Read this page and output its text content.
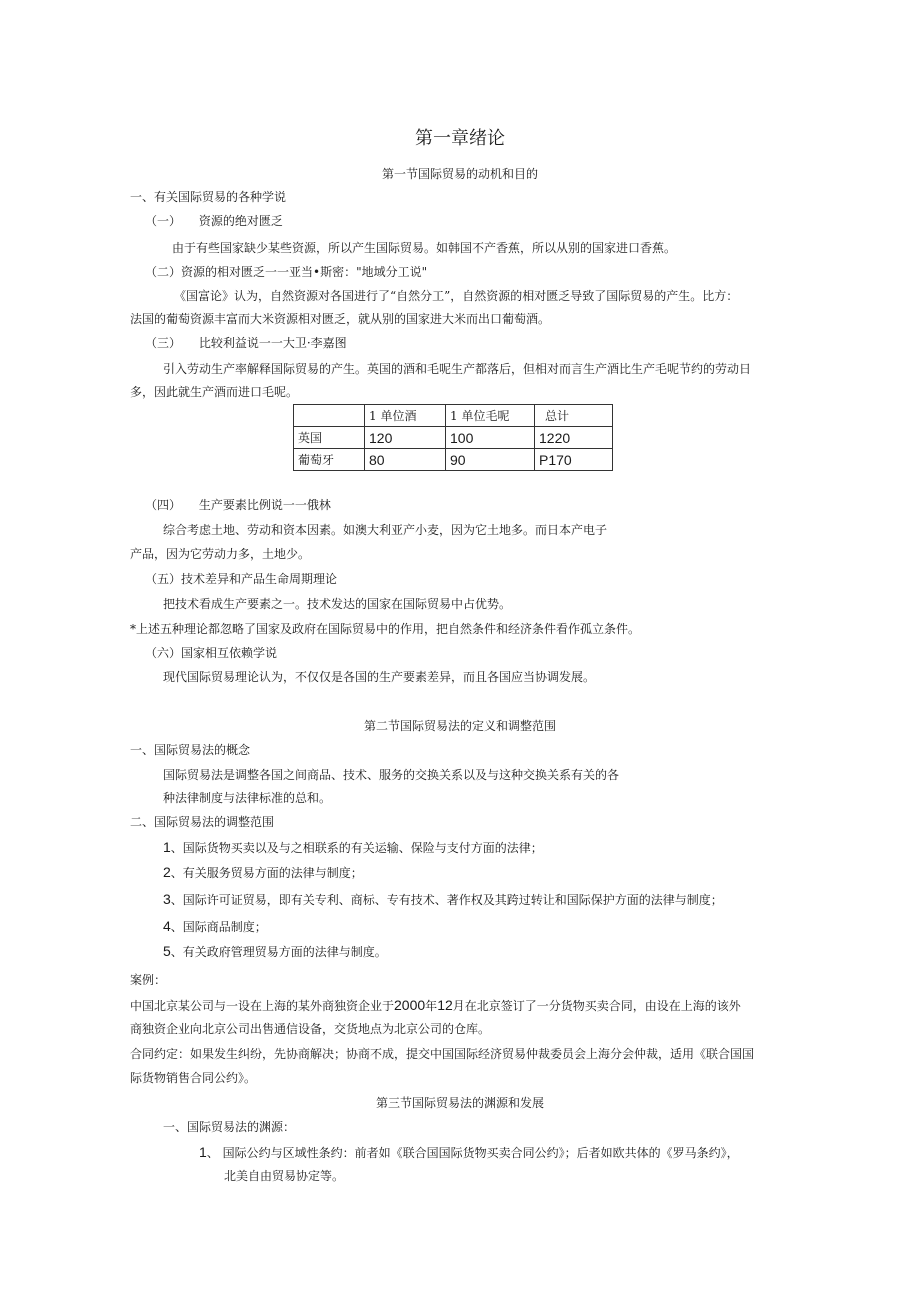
第一章绪论
第一节国际贸易的动机和目的
一、有关国际贸易的各种学说
（一） 资源的绝对匮乏
由于有些国家缺少某些资源，所以产生国际贸易。如韩国不产香蕉，所以从别的国家进口香蕉。
（二）资源的相对匮乏一一亚当•斯密："地域分工说"
《国富论》认为，自然资源对各国进行了“自然分工”，自然资源的相对匮乏导致了国际贸易的产生。比方：
法国的葡萄资源丰富而大米资源相对匮乏，就从别的国家进大米而出口葡萄酒。
（三） 比较利益说一一大卫·李嘉图
引入劳动生产率解释国际贸易的产生。英国的酒和毛呢生产都落后，但相对而言生产酒比生产毛呢节约的劳动日
多，因此就生产酒而进口毛呢。
	1 单位酒	1 单位毛呢	总计
英国	120	100	1220
葡萄牙	80	90	P170
（四） 生产要素比例说一一俄林
综合考虑土地、劳动和资本因素。如澳大利亚产小麦，因为它土地多。而日本产电子
产品，因为它劳动力多，土地少。
（五）技术差异和产品生命周期理论
把技术看成生产要素之一。技术发达的国家在国际贸易中占优势。
*上述五种理论都忽略了国家及政府在国际贸易中的作用，把自然条件和经济条件看作孤立条件。
（六）国家相互依赖学说
现代国际贸易理论认为，不仅仅是各国的生产要素差异，而且各国应当协调发展。
第二节国际贸易法的定义和调整范围
一、国际贸易法的概念
国际贸易法是调整各国之间商品、技术、服务的交换关系以及与这种交换关系有关的各
种法律制度与法律标准的总和。
二、国际贸易法的调整范围
1、国际货物买卖以及与之相联系的有关运输、保险与支付方面的法律；
2、有关服务贸易方面的法律与制度；
3、国际许可证贸易，即有关专利、商标、专有技术、著作权及其跨过转让和国际保护方面的法律与制度；
4、国际商品制度；
5、有关政府管理贸易方面的法律与制度。
案例：
中国北京某公司与一设在上海的某外商独资企业于2000年12月在北京签订了一分货物买卖合同，由设在上海的该外
商独资企业向北京公司出售通信设备，交货地点为北京公司的仓库。
合同约定：如果发生纠纷，先协商解决；协商不成，提交中国国际经济贸易仲裁委员会上海分会仲裁，适用《联合国国
际货物销售合同公约》。
第三节国际贸易法的渊源和发展
一、国际贸易法的渊源：
1、 国际公约与区域性条约：前者如《联合国国际货物买卖合同公约》；后者如欧共体的《罗马条约》，
北美自由贸易协定等。
